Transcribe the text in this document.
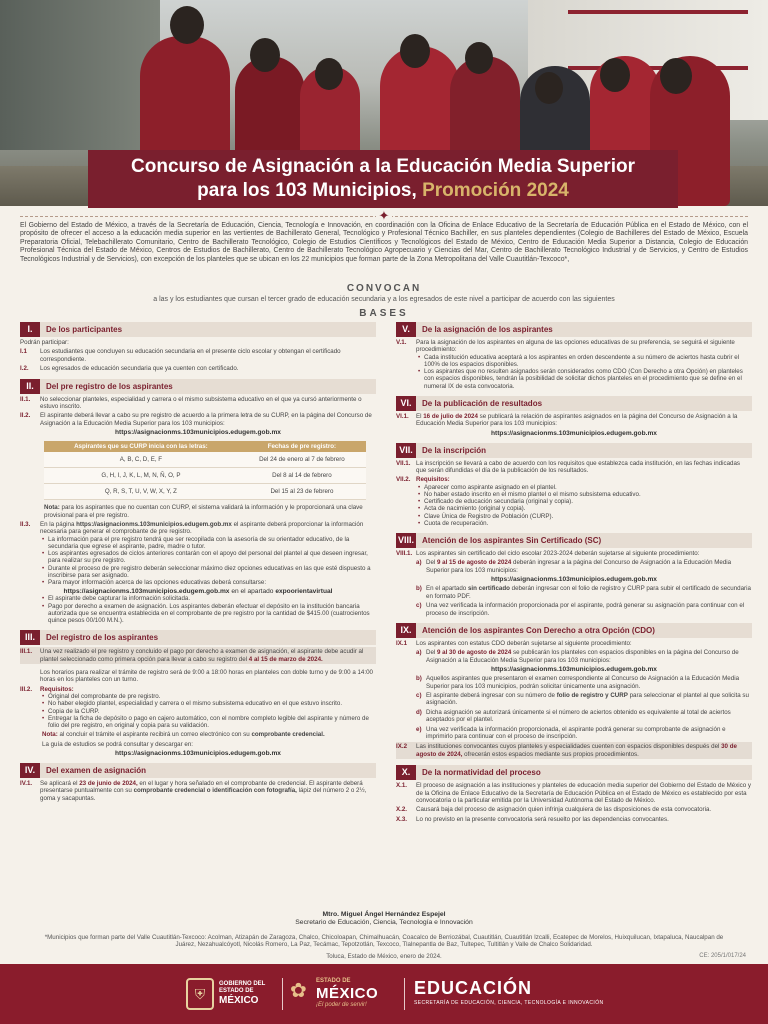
Concurso de Asignación a la Educación Media Superior
para los 103 Municipios, Promoción 2024
✦
El Gobierno del Estado de México, a través de la Secretaría de Educación, Ciencia, Tecnología e Innovación, en coordinación con la Oficina de Enlace Educativo de la Secretaría de Educación Pública en el Estado de México, con el propósito de ofrecer el acceso a la educación media superior en las vertientes de Bachillerato General, Tecnológico y Profesional Técnico Bachiller, en sus planteles dependientes (Colegio de Bachilleres del Estado de México, Escuela Preparatoria Oficial, Telebachillerato Comunitario, Centro de Bachillerato Tecnológico, Colegio de Estudios Científicos y Tecnológicos del Estado de México, Centro de Educación Media Superior a Distancia, Colegio de Educación Profesional Técnica del Estado de México, Centros de Estudios de Bachillerato, Centro de Bachillerato Tecnológico Agropecuario y Ciencias del Mar, Centro de Bachillerato Tecnológico Industrial y de Servicios, y Centro de Estudios Tecnológicos Industrial y de Servicios), con excepción de los planteles que se ubican en los 22 municipios que forman parte de la Zona Metropolitana del Valle Cuautitlán-Texcoco*,
CONVOCAN
a las y los estudiantes que cursan el tercer grado de educación secundaria y a los egresados de este nivel a participar de acuerdo con las siguientes
BASES
I.	De los participantes
Podrán participar:
I.1	Los estudiantes que concluyen su educación secundaria en el presente ciclo escolar y obtengan el certificado correspondiente.
I.2.	Los egresados de educación secundaria que ya cuenten con certificado.
II.	Del pre registro de los aspirantes
II.1.	No seleccionar planteles, especialidad y carrera o el mismo subsistema educativo en el que ya cursó anteriormente o estuvo inscrito.
II.2.	El aspirante deberá llevar a cabo su pre registro de acuerdo a la primera letra de su CURP, en la página del Concurso de Asignación a la Educación Media Superior para los 103 municipios:
https://asignacionms.103municipios.edugem.gob.mx
Aspirantes que su CURP inicia con las letras:	Fechas de pre registro:
A, B, C, D, E, F	Del 24 de enero al 7 de febrero
G, H, I, J, K, L, M, N, Ñ, O, P	Del 8 al 14 de febrero
Q, R, S, T, U, V, W, X, Y, Z	Del 15 al 23 de febrero
Nota: para los aspirantes que no cuentan con CURP, el sistema validará la información y le proporcionará una clave provisional para el pre registro.
II.3.	En la página https://asignacionms.103municipios.edugem.gob.mx el aspirante deberá proporcionar la información necesaria para generar el comprobante de pre registro.
• La información para el pre registro tendrá que ser recopilada con la asesoría de su orientador educativo, de la secundaria que egrese el aspirante, padre, madre o tutor.
• Los aspirantes egresados de ciclos anteriores contarán con el apoyo del personal del plantel al que deseen ingresar, para realizar su pre registro.
• Durante el proceso de pre registro deberán seleccionar máximo diez opciones educativas en las que esté dispuesto a inscribirse para ser asignado.
• Para mayor información acerca de las opciones educativas deberá consultarse:
https://asignacionms.103municipios.edugem.gob.mx en el apartado expoorientavirtual
• El aspirante debe capturar la información solicitada.
• Pago por derecho a examen de asignación. Los aspirantes deberán efectuar el depósito en la institución bancaria autorizada que se encuentra establecida en el comprobante de pre registro por la cantidad de $415.00 (cuatrocientos quince pesos 00/100 M.N.).
III.	Del registro de los aspirantes
III.1.	Una vez realizado el pre registro y concluido el pago por derecho a examen de asignación, el aspirante debe acudir al plantel seleccionado como primera opción para llevar a cabo su registro del 4 al 15 de marzo de 2024.
Los horarios para realizar el trámite de registro será de 9:00 a 18:00 horas en planteles con doble turno y de 9:00 a 14:00 horas en los planteles con un turno.
III.2.	Requisitos:
• Original del comprobante de pre registro.
• No haber elegido plantel, especialidad y carrera o el mismo subsistema educativo en el que estuvo inscrito.
• Copia de la CURP.
• Entregar la ficha de depósito o pago en cajero automático, con el nombre completo legible del aspirante y número de folio del pre registro, en original y copia para su validación.
Nota: al concluir el trámite el aspirante recibirá un correo electrónico con su comprobante credencial.
La guía de estudios se podrá consultar y descargar en:
https://asignacionms.103municipios.edugem.gob.mx
IV.	Del examen de asignación
IV.1.	Se aplicará el 23 de junio de 2024, en el lugar y hora señalado en el comprobante de credencial. El aspirante deberá presentarse puntualmente con su comprobante credencial o identificación con fotografía, lápiz del número 2 o 2½, goma y sacapuntas.
V.	De la asignación de los aspirantes
V.1.	Para la asignación de los aspirantes en alguna de las opciones educativas de su preferencia, se seguirá el siguiente procedimiento:
• Cada institución educativa aceptará a los aspirantes en orden descendente a su número de aciertos hasta cubrir el 100% de los espacios disponibles.
• Los aspirantes que no resulten asignados serán considerados como CDO (Con Derecho a otra Opción) en planteles con espacios disponibles, tendrán la posibilidad de solicitar dichos planteles en el procedimiento que se define en el numeral IX de esta convocatoria.
VI.	De la publicación de resultados
VI.1.	El 16 de julio de 2024 se publicará la relación de aspirantes asignados en la página del Concurso de Asignación a la Educación Media Superior para los 103 municipios:
https://asignacionms.103municipios.edugem.gob.mx
VII.	De la inscripción
VII.1. La inscripción se llevará a cabo de acuerdo con los requisitos que establezca cada institución, en las fechas indicadas que serán difundidas el día de la publicación de los resultados.
VII.2. Requisitos:
• Aparecer como aspirante asignado en el plantel.
• No haber estado inscrito en el mismo plantel o el mismo subsistema educativo.
• Certificado de educación secundaria (original y copia).
• Acta de nacimiento (original y copia).
• Clave Única de Registro de Población (CURP).
• Cuota de recuperación.
VIII.	Atención de los aspirantes Sin Certificado (SC)
VIII.1. Los aspirantes sin certificado del ciclo escolar 2023-2024 deberán sujetarse al siguiente procedimiento:
a) Del 9 al 15 de agosto de 2024 deberán ingresar a la página del Concurso de Asignación a la Educación Media Superior para los 103 municipios:
https://asignacionms.103municipios.edugem.gob.mx
b) En el apartado sin certificado deberán ingresar con el folio de registro y CURP para subir el certificado de secundaria en formato PDF.
c) Una vez verificada la información proporcionada por el aspirante, podrá generar su asignación para continuar con el proceso de inscripción.
IX.	Atención de los aspirantes Con Derecho a otra Opción (CDO)
IX.1	Los aspirantes con estatus CDO deberán sujetarse al siguiente procedimiento:
a) Del 9 al 30 de agosto de 2024 se publicarán los planteles con espacios disponibles en la página del Concurso de Asignación a la Educación Media Superior para los 103 municipios:
https://asignacionms.103municipios.edugem.gob.mx
b) Aquellos aspirantes que presentaron el examen correspondiente al Concurso de Asignación a la Educación Media Superior para los 103 municipios, podrán solicitar únicamente una asignación.
c) El aspirante deberá ingresar con su número de folio de registro y CURP para seleccionar el plantel al que solicita su asignación.
d) Dicha asignación se autorizará únicamente si el número de aciertos obtenido es equivalente al total de aciertos aceptados por el plantel.
e) Una vez verificada la información proporcionada, el aspirante podrá generar su comprobante de asignación e imprimirlo para continuar con el proceso de inscripción.
IX.2	Las instituciones convocantes cuyos planteles y especialidades cuenten con espacios disponibles después del 30 de agosto de 2024, ofrecerán estos espacios mediante sus propios procedimientos.
X.	De la normatividad del proceso
X.1.	El proceso de asignación a las instituciones y planteles de educación media superior del Gobierno del Estado de México y de la Oficina de Enlace Educativo de la Secretaría de Educación Pública en el Estado de México es establecido por esta convocatoria o la particular emitida por la Universidad Autónoma del Estado de México.
X.2.	Causará baja del proceso de asignación quien infrinja cualquiera de las disposiciones de esta convocatoria.
X.3.	Lo no previsto en la presente convocatoria será resuelto por las dependencias convocantes.
Mtro. Miguel Ángel Hernández Espejel
Secretario de Educación, Ciencia, Tecnología e Innovación
*Municipios que forman parte del Valle Cuautitlán-Texcoco: Acolman, Atizapán de Zaragoza, Chalco, Chicoloapan, Chimalhuacán, Coacalco de Berriozábal, Cuautitlán, Cuautitlán Izcalli, Ecatepec de Morelos, Huixquilucan, Ixtapaluca, Naucalpan de Juárez, Nezahualcóyotl, Nicolás Romero, La Paz, Tecámac, Tepotzotlán, Texcoco, Tlalnepantla de Baz, Tultepec, Tultitlán y Valle de Chalco Solidaridad.
Toluca, Estado de México, enero de 2024.	CE: 205/1/017/24
⛨
GOBIERNO DEL
ESTADO DE
MÉXICO	✿	ESTADO DE
MÉXICO
¡El poder de servir!
EDUCACIÓN
SECRETARÍA DE EDUCACIÓN, CIENCIA, TECNOLOGÍA E INNOVACIÓN
